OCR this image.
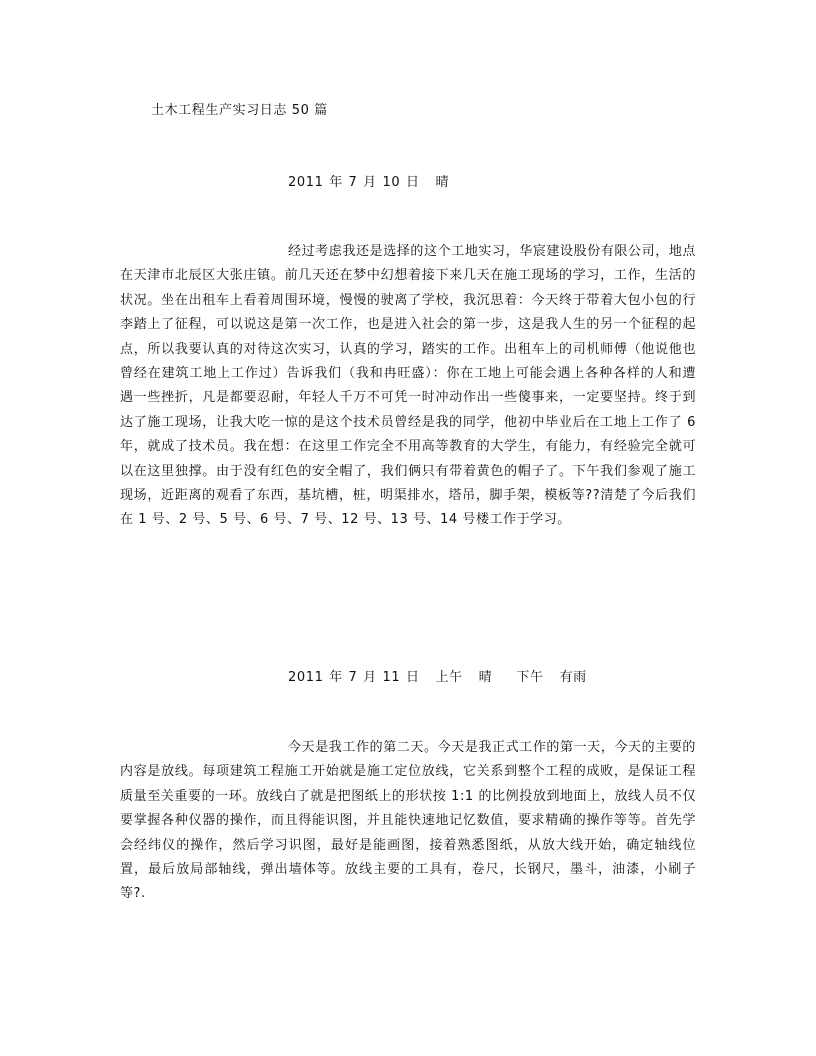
土木工程生产实习日志 50 篇
2011 年 7 月 10 日 晴

经过考虑我还是选择的这个工地实习，华宸建设股份有限公司，地点在天津市北辰区大张庄镇。前几天还在梦中幻想着接下来几天在施工现场的学习，工作，生活的状况。坐在出租车上看着周围环境，慢慢的驶离了学校，我沉思着：今天终于带着大包小包的行李踏上了征程，可以说这是第一次工作，也是进入社会的第一步，这是我人生的另一个征程的起点，所以我要认真的对待这次实习，认真的学习，踏实的工作。出租车上的司机师傅（他说他也曾经在建筑工地上工作过）告诉我们（我和冉旺盛）：你在工地上可能会遇上各种各样的人和遭遇一些挫折，凡是都要忍耐，年轻人千万不可凭一时冲动作出一些傻事来，一定要坚持。终于到达了施工现场，让我大吃一惊的是这个技术员曾经是我的同学，他初中毕业后在工地上工作了 6 年，就成了技术员。我在想：在这里工作完全不用高等教育的大学生，有能力，有经验完全就可以在这里独撑。由于没有红色的安全帽了，我们俩只有带着黄色的帽子了。下午我们参观了施工现场，近距离的观看了东西，基坑槽，桩，明渠排水，塔吊，脚手架，模板等??清楚了今后我们在 1 号、2 号、5 号、6 号、7 号、12 号、13 号、14 号楼工作于学习。

2011 年 7 月 11 日 上午 晴 下午 有雨

今天是我工作的第二天。今天是我正式工作的第一天，今天的主要的内容是放线。每项建筑工程施工开始就是施工定位放线，它关系到整个工程的成败，是保证工程质量至关重要的一环。放线白了就是把图纸上的形状按 1:1 的比例投放到地面上，放线人员不仅要掌握各种仪器的操作，而且得能识图，并且能快速地记忆数值，要求精确的操作等等。首先学会经纬仪的操作，然后学习识图，最好是能画图，接着熟悉图纸，从放大线开始，确定轴线位置，最后放局部轴线，弹出墙体等。放线主要的工具有，卷尺，长钢尺，墨斗，油漆，小刷子等?.
